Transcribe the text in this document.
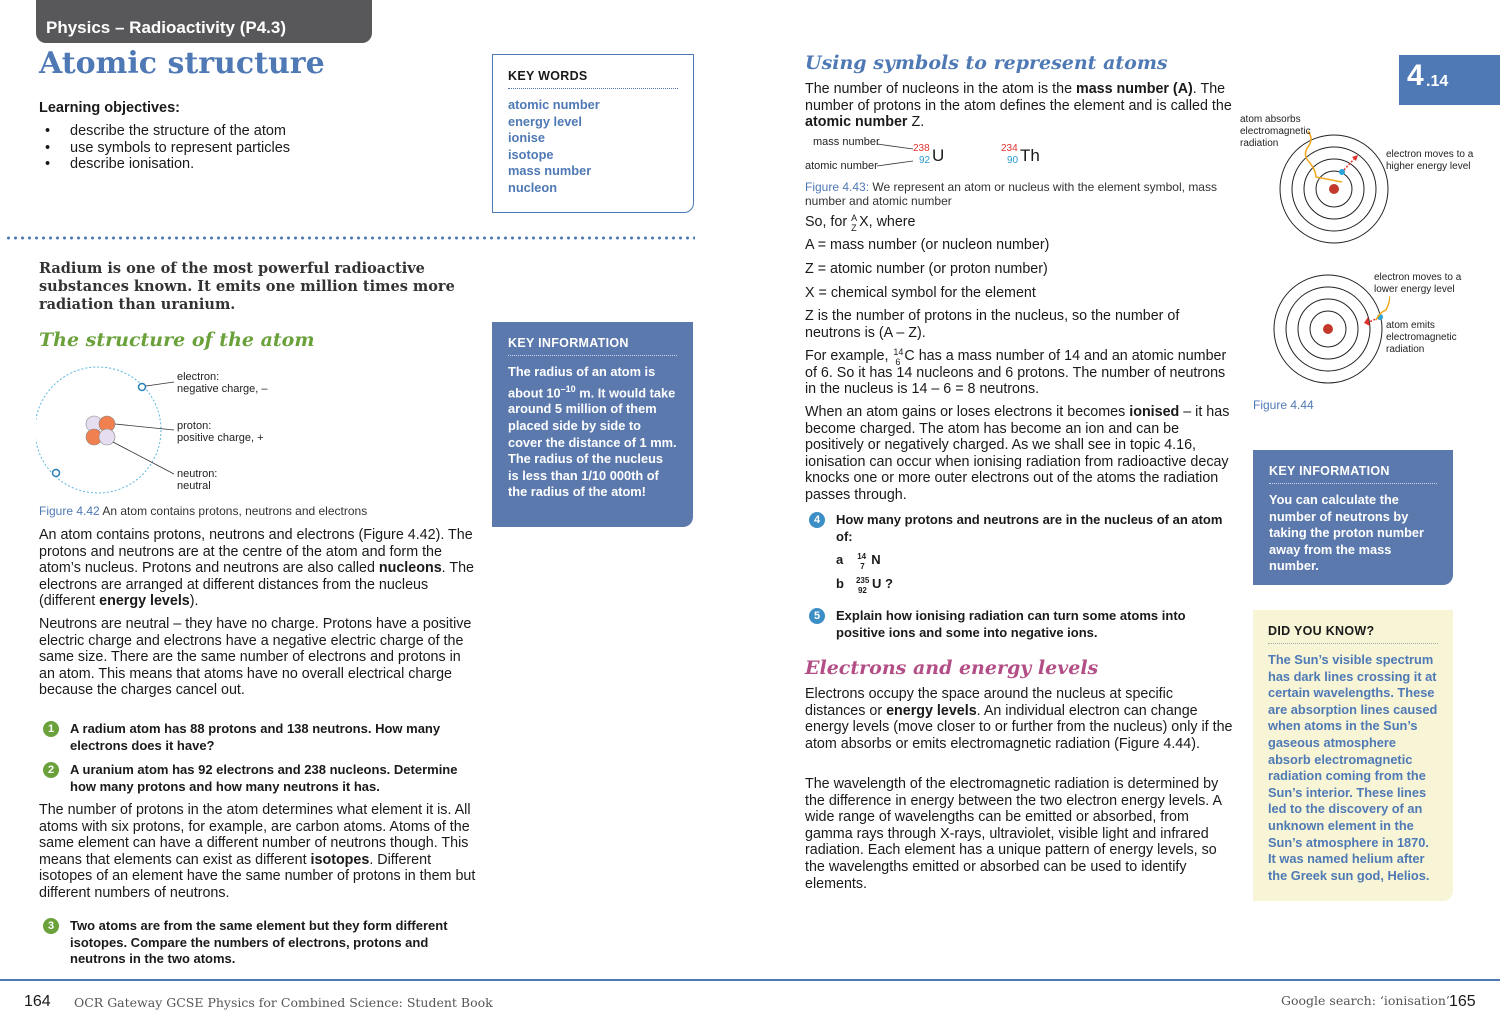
Physics – Radioactivity (P4.3)
Atomic structure
Learning objectives:
• describe the structure of the atom
• use symbols to represent particles
• describe ionisation.
KEY WORDS
atomic number
energy level
ionise
isotope
mass number
nucleon
Radium is one of the most powerful radioactive substances known. It emits one million times more radiation than uranium.
The structure of the atom
electron:
negative charge, –
proton:
positive charge, +
neutron:
neutral
Figure 4.42 An atom contains protons, neutrons and electrons
An atom contains protons, neutrons and electrons (Figure 4.42). The protons and neutrons are at the centre of the atom and form the atom’s nucleus. Protons and neutrons are also called nucleons. The electrons are arranged at different distances from the nucleus (different energy levels).
Neutrons are neutral – they have no charge. Protons have a positive electric charge and electrons have a negative electric charge of the same size. There are the same number of electrons and protons in an atom. This means that atoms have no overall electrical charge because the charges cancel out.
1	A radium atom has 88 protons and 138 neutrons. How many electrons does it have?
2	A uranium atom has 92 electrons and 238 nucleons. Determine how many protons and how many neutrons it has.
The number of protons in the atom determines what element it is. All atoms with six protons, for example, are carbon atoms. Atoms of the same element can have a different number of neutrons though. This means that elements can exist as different isotopes. Different isotopes of an element have the same number of protons in them but different numbers of neutrons.
3	Two atoms are from the same element but they form different isotopes. Compare the numbers of electrons, protons and neutrons in the two atoms.
KEY INFORMATION
The radius of an atom is about $10^{-10}$ m. It would take around 5 million of them placed side by side to cover the distance of 1 mm. The radius of the nucleus is less than 1/10 000th of the radius of the atom!
Using symbols to represent atoms	4 .14
The number of nucleons in the atom is the mass number (A). The number of protons in the atom defines the element and is called the atomic number Z.
mass number
atomic number
238
92 U	234
90 Th
Figure 4.43: We represent an atom or nucleus with the element symbol, mass number and atomic number
So, for A
Z X, where
A = mass number (or nucleon number)
Z = atomic number (or proton number)
X = chemical symbol for the element
Z is the number of protons in the nucleus, so the number of neutrons is (A – Z).
For example, 14
6 C has a mass number of 14 and an atomic number of 6. So it has 14 nucleons and 6 protons. The number of neutrons in the nucleus is 14 – 6 = 8 neutrons.
When an atom gains or loses electrons it becomes ionised – it has become charged. The atom has become an ion and can be positively or negatively charged. As we shall see in topic 4.16, ionisation can occur when ionising radiation from radioactive decay knocks one or more outer electrons out of the atoms the radiation passes through.
4	How many protons and neutrons are in the nucleus of an atom of:
a 14
7 N
b 235
92 U ?
5	Explain how ionising radiation can turn some atoms into positive ions and some into negative ions.
Electrons and energy levels
Electrons occupy the space around the nucleus at specific distances or energy levels. An individual electron can change energy levels (move closer to or further from the nucleus) only if the atom absorbs or emits electromagnetic radiation (Figure 4.44).
The wavelength of the electromagnetic radiation is determined by the difference in energy between the two electron energy levels. A wide range of wavelengths can be emitted or absorbed, from gamma rays through X-rays, ultraviolet, visible light and infrared radiation. Each element has a unique pattern of energy levels, so the wavelengths emitted or absorbed can be used to identify elements.
atom absorbs
electromagnetic
radiation
electron moves to a
higher energy level
electron moves to a
lower energy level
atom emits
electromagnetic
radiation
Figure 4.44
KEY INFORMATION
You can calculate the number of neutrons by taking the proton number away from the mass number.
DID YOU KNOW?
The Sun’s visible spectrum has dark lines crossing it at certain wavelengths. These are absorption lines caused when atoms in the Sun’s gaseous atmosphere absorb electromagnetic radiation coming from the Sun’s interior. These lines led to the discovery of an unknown element in the Sun’s atmosphere in 1870. It was named helium after the Greek sun god, Helios.
164 OCR Gateway GCSE Physics for Combined Science: Student Book	Google search: ‘ionisation’ 165
